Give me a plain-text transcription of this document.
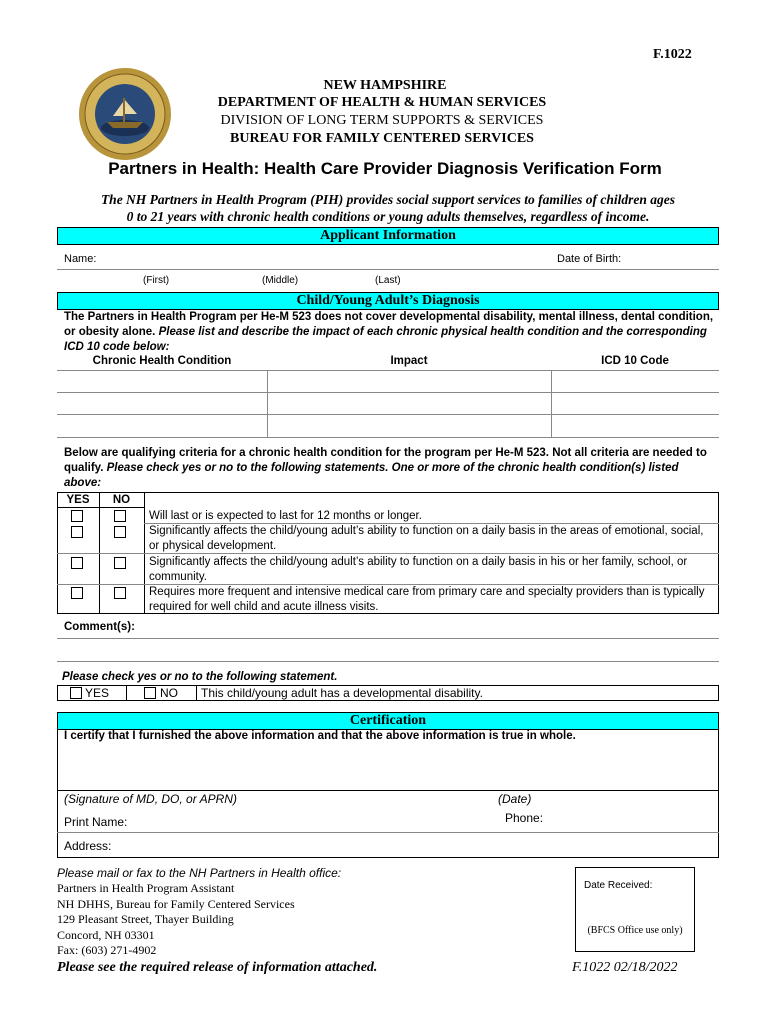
F.1022
NEW HAMPSHIRE
DEPARTMENT OF HEALTH & HUMAN SERVICES
DIVISION OF LONG TERM SUPPORTS & SERVICES
BUREAU FOR FAMILY CENTERED SERVICES
Partners in Health: Health Care Provider Diagnosis Verification Form
The NH Partners in Health Program (PIH) provides social support services to families of children ages
0 to 21 years with chronic health conditions or young adults themselves, regardless of income.
Applicant Information
Name:	Date of Birth:
(First)	(Middle)	(Last)
Child/Young Adult’s Diagnosis
The Partners in Health Program per He-M 523 does not cover developmental disability, mental illness, dental condition, or obesity alone. Please list and describe the impact of each chronic physical health condition and the corresponding ICD 10 code below:
Chronic Health Condition	Impact	ICD 10 Code
Below are qualifying criteria for a chronic health condition for the program per He-M 523. Not all criteria are needed to qualify. Please check yes or no to the following statements. One or more of the chronic health condition(s) listed above:
YES	NO
Will last or is expected to last for 12 months or longer.
Significantly affects the child/young adult’s ability to function on a daily basis in the areas of emotional, social, or physical development.
Significantly affects the child/young adult’s ability to function on a daily basis in his or her family, school, or community.
Requires more frequent and intensive medical care from primary care and specialty providers than is typically required for well child and acute illness visits.
Comment(s):
Please check yes or no to the following statement.
YES	NO This child/young adult has a developmental disability.
Certification
I certify that I furnished the above information and that the above information is true in whole.
(Signature of MD, DO, or APRN)	(Date)
Print Name:	Phone:
Address:
Please mail or fax to the NH Partners in Health office:
Partners in Health Program Assistant
NH DHHS, Bureau for Family Centered Services
129 Pleasant Street, Thayer Building
Concord, NH 03301
Fax: (603) 271-4902
Date Received:
(BFCS Office use only)
Please see the required release of information attached.	F.1022 02/18/2022
